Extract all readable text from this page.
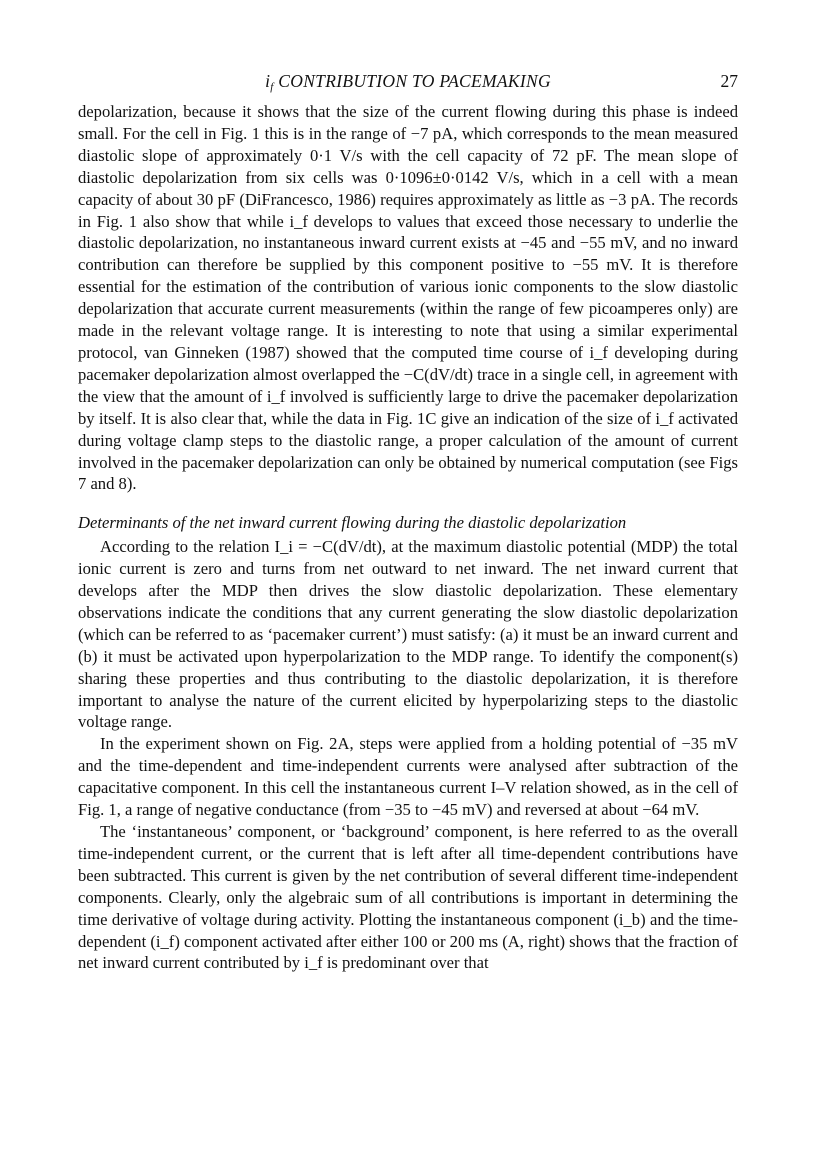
$i_f$ CONTRIBUTION TO PACEMAKING	27

depolarization, because it shows that the size of the current flowing during this phase is indeed small. For the cell in Fig. 1 this is in the range of −7 pA, which corresponds to the mean measured diastolic slope of approximately 0·1 V/s with the cell capacity of 72 pF. The mean slope of diastolic depolarization from six cells was 0·1096±0·0142 V/s, which in a cell with a mean capacity of about 30 pF (DiFrancesco, 1986) requires approximately as little as −3 pA. The records in Fig. 1 also show that while i_f develops to values that exceed those necessary to underlie the diastolic depolarization, no instantaneous inward current exists at −45 and −55 mV, and no inward contribution can therefore be supplied by this component positive to −55 mV. It is therefore essential for the estimation of the contribution of various ionic components to the slow diastolic depolarization that accurate current measurements (within the range of few picoamperes only) are made in the relevant voltage range. It is interesting to note that using a similar experimental protocol, van Ginneken (1987) showed that the computed time course of i_f developing during pacemaker depolarization almost overlapped the −C(dV/dt) trace in a single cell, in agreement with the view that the amount of i_f involved is sufficiently large to drive the pacemaker depolarization by itself. It is also clear that, while the data in Fig. 1C give an indication of the size of i_f activated during voltage clamp steps to the diastolic range, a proper calculation of the amount of current involved in the pacemaker depolarization can only be obtained by numerical computation (see Figs 7 and 8).

Determinants of the net inward current flowing during the diastolic depolarization

According to the relation I_i = −C(dV/dt), at the maximum diastolic potential (MDP) the total ionic current is zero and turns from net outward to net inward. The net inward current that develops after the MDP then drives the slow diastolic depolarization. These elementary observations indicate the conditions that any current generating the slow diastolic depolarization (which can be referred to as ‘pacemaker current’) must satisfy: (a) it must be an inward current and (b) it must be activated upon hyperpolarization to the MDP range. To identify the component(s) sharing these properties and thus contributing to the diastolic depolarization, it is therefore important to analyse the nature of the current elicited by hyperpolarizing steps to the diastolic voltage range.

In the experiment shown on Fig. 2A, steps were applied from a holding potential of −35 mV and the time-dependent and time-independent currents were analysed after subtraction of the capacitative component. In this cell the instantaneous current I–V relation showed, as in the cell of Fig. 1, a range of negative conductance (from −35 to −45 mV) and reversed at about −64 mV.

The ‘instantaneous’ component, or ‘background’ component, is here referred to as the overall time-independent current, or the current that is left after all time-dependent contributions have been subtracted. This current is given by the net contribution of several different time-independent components. Clearly, only the algebraic sum of all contributions is important in determining the time derivative of voltage during activity. Plotting the instantaneous component (i_b) and the time-dependent (i_f) component activated after either 100 or 200 ms (A, right) shows that the fraction of net inward current contributed by i_f is predominant over that
